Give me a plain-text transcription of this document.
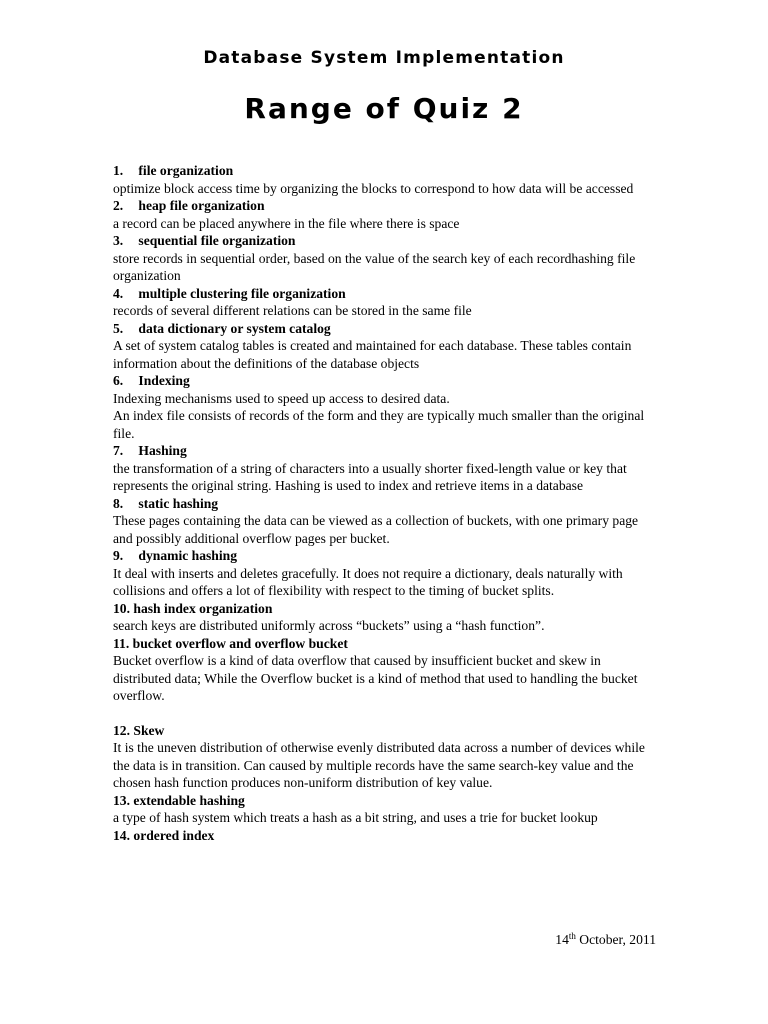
Database System Implementation
Range of Quiz 2

1. file organization

optimize block access time by organizing the blocks to correspond to how data will be accessed

2. heap file organization

a record can be placed anywhere in the file where there is space

3. sequential file organization

store records in sequential order, based on the value of the search key of each recordhashing file organization

4. multiple clustering file organization

records of several different relations can be stored in the same file

5. data dictionary or system catalog

A set of system catalog tables is created and maintained for each database. These tables contain information about the definitions of the database objects

6. Indexing

Indexing mechanisms used to speed up access to desired data.

An index file consists of records of the form and they are typically much smaller than the original file.

7. Hashing

the transformation of a string of characters into a usually shorter fixed-length value or key that represents the original string. Hashing is used to index and retrieve items in a database

8. static hashing

These pages containing the data can be viewed as a collection of buckets, with one primary page and possibly additional overflow pages per bucket.

9. dynamic hashing

It deal with inserts and deletes gracefully. It does not require a dictionary, deals naturally with collisions and offers a lot of flexibility with respect to the timing of bucket splits.

10. hash index organization

search keys are distributed uniformly across “buckets” using a “hash function”.

11. bucket overflow and overflow bucket

Bucket overflow is a kind of data overflow that caused by insufficient bucket and skew in distributed data; While the Overflow bucket is a kind of method that used to handling the bucket overflow.

12. Skew

It is the uneven distribution of otherwise evenly distributed data across a number of devices while the data is in transition. Can caused by multiple records have the same search-key value and the chosen hash function produces non-uniform distribution of key value.

13. extendable hashing

a type of hash system which treats a hash as a bit string, and uses a trie for bucket lookup

14. ordered index

14th October, 2011
